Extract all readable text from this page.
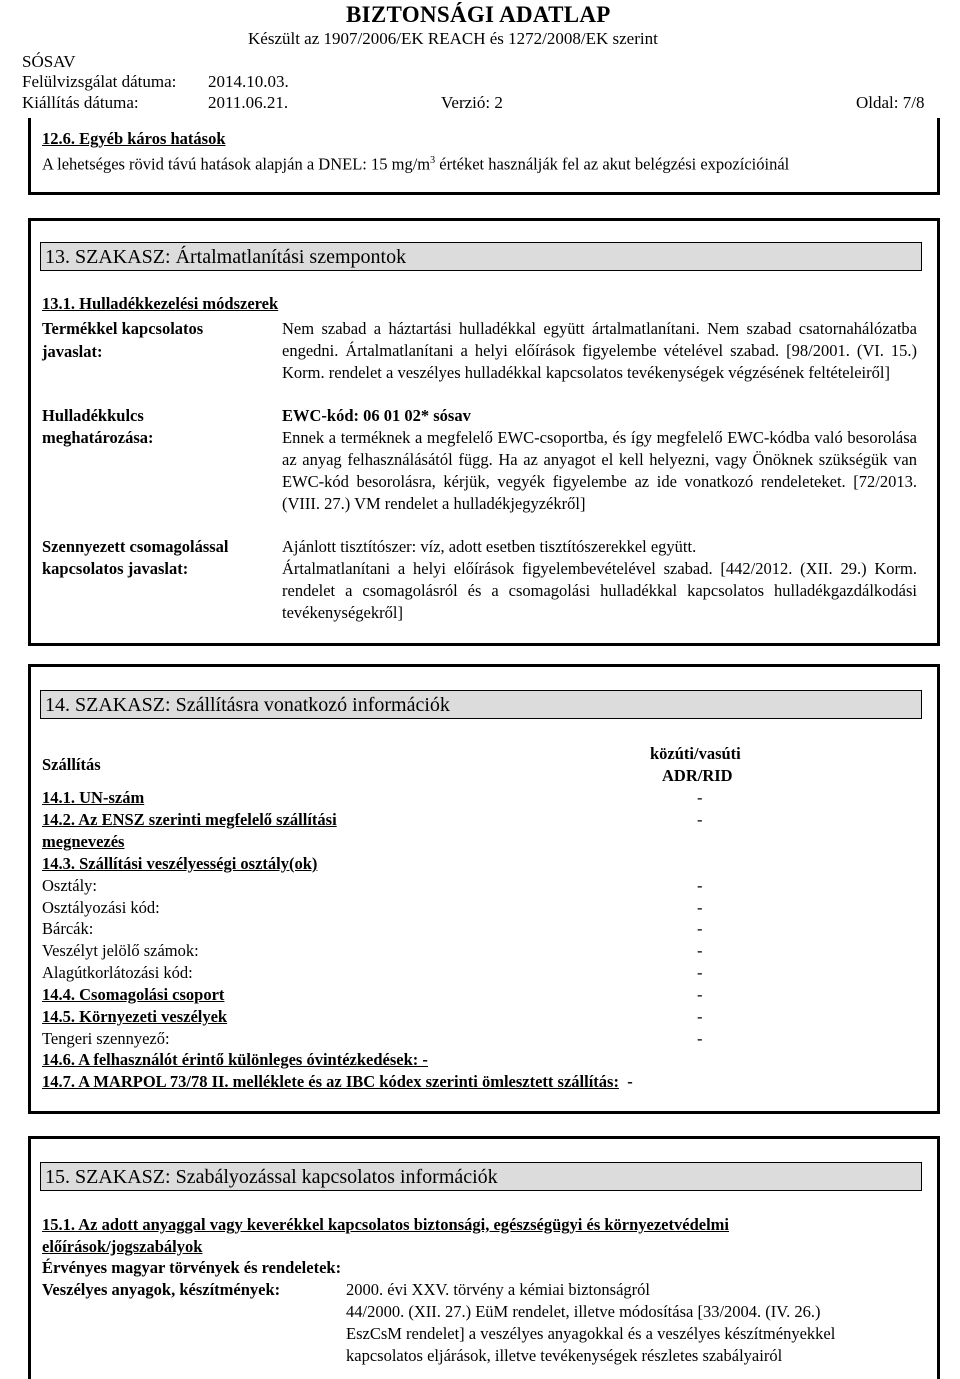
BIZTONSÁGI ADATLAP
Készült az 1907/2006/EK REACH és 1272/2008/EK szerint
SÓSAV
Felülvizsgálat dátuma: 2014.10.03.
Kiállítás dátuma:	2011.06.21.	Verzió: 2	Oldal: 7/8
12.6. Egyéb káros hatások
A lehetséges rövid távú hatások alapján a DNEL: 15 $mg/m^3$ értéket használják fel az akut belégzési expozícióinál
13. SZAKASZ: Ártalmatlanítási szempontok
13.1. Hulladékkezelési módszerek
Termékkel kapcsolatos
javaslat:
Nem szabad a háztartási hulladékkal együtt ártalmatlanítani. Nem szabad csatornahálózatba engedni. Ártalmatlanítani a helyi előírások figyelembe vételével szabad. [98/2001. (VI. 15.) Korm. rendelet a veszélyes hulladékkal kapcsolatos tevékenységek végzésének feltételeiről]
Hulladékkulcs
meghatározása:
EWC-kód: 06 01 02* sósav
Ennek a terméknek a megfelelő EWC-csoportba, és így megfelelő EWC-kódba való besorolása az anyag felhasználásától függ. Ha az anyagot el kell helyezni, vagy Önöknek szükségük van EWC-kód besorolásra, kérjük, vegyék figyelembe az ide vonatkozó rendeleteket. [72/2013. (VIII. 27.) VM rendelet a hulladékjegyzékről]
Szennyezett csomagolással
kapcsolatos javaslat:
Ajánlott tisztítószer: víz, adott esetben tisztítószerekkel együtt.
Ártalmatlanítani a helyi előírások figyelembevételével szabad. [442/2012. (XII. 29.) Korm. rendelet a csomagolásról és a csomagolási hulladékkal kapcsolatos hulladékgazdálkodási tevékenységekről]
14. SZAKASZ: Szállításra vonatkozó információk
Szállítás
közúti/vasúti
ADR/RID
14.1. UN-szám	-
14.2. Az ENSZ szerinti megfelelő szállítási
megnevezés
-
14.3. Szállítási veszélyességi osztály(ok)
Osztály:	-
Osztályozási kód:	-
Bárcák:	-
Veszélyt jelölő számok:	-
Alagútkorlátozási kód:	-
14.4. Csomagolási csoport	-
14.5. Környezeti veszélyek	-
Tengeri szennyező:	-
14.6. A felhasználót érintő különleges óvintézkedések: -
14.7. A MARPOL 73/78 II. melléklete és az IBC kódex szerinti ömlesztett szállítás: -
15. SZAKASZ: Szabályozással kapcsolatos információk
15.1. Az adott anyaggal vagy keverékkel kapcsolatos biztonsági, egészségügyi és környezetvédelmi
előírások/jogszabályok
Érvényes magyar törvények és rendeletek:
Veszélyes anyagok, készítmények:	2000. évi XXV. törvény a kémiai biztonságról
44/2000. (XII. 27.) EüM rendelet, illetve módosítása [33/2004. (IV. 26.)
EszCsM rendelet] a veszélyes anyagokkal és a veszélyes készítményekkel
kapcsolatos eljárások, illetve tevékenységek részletes szabályairól
